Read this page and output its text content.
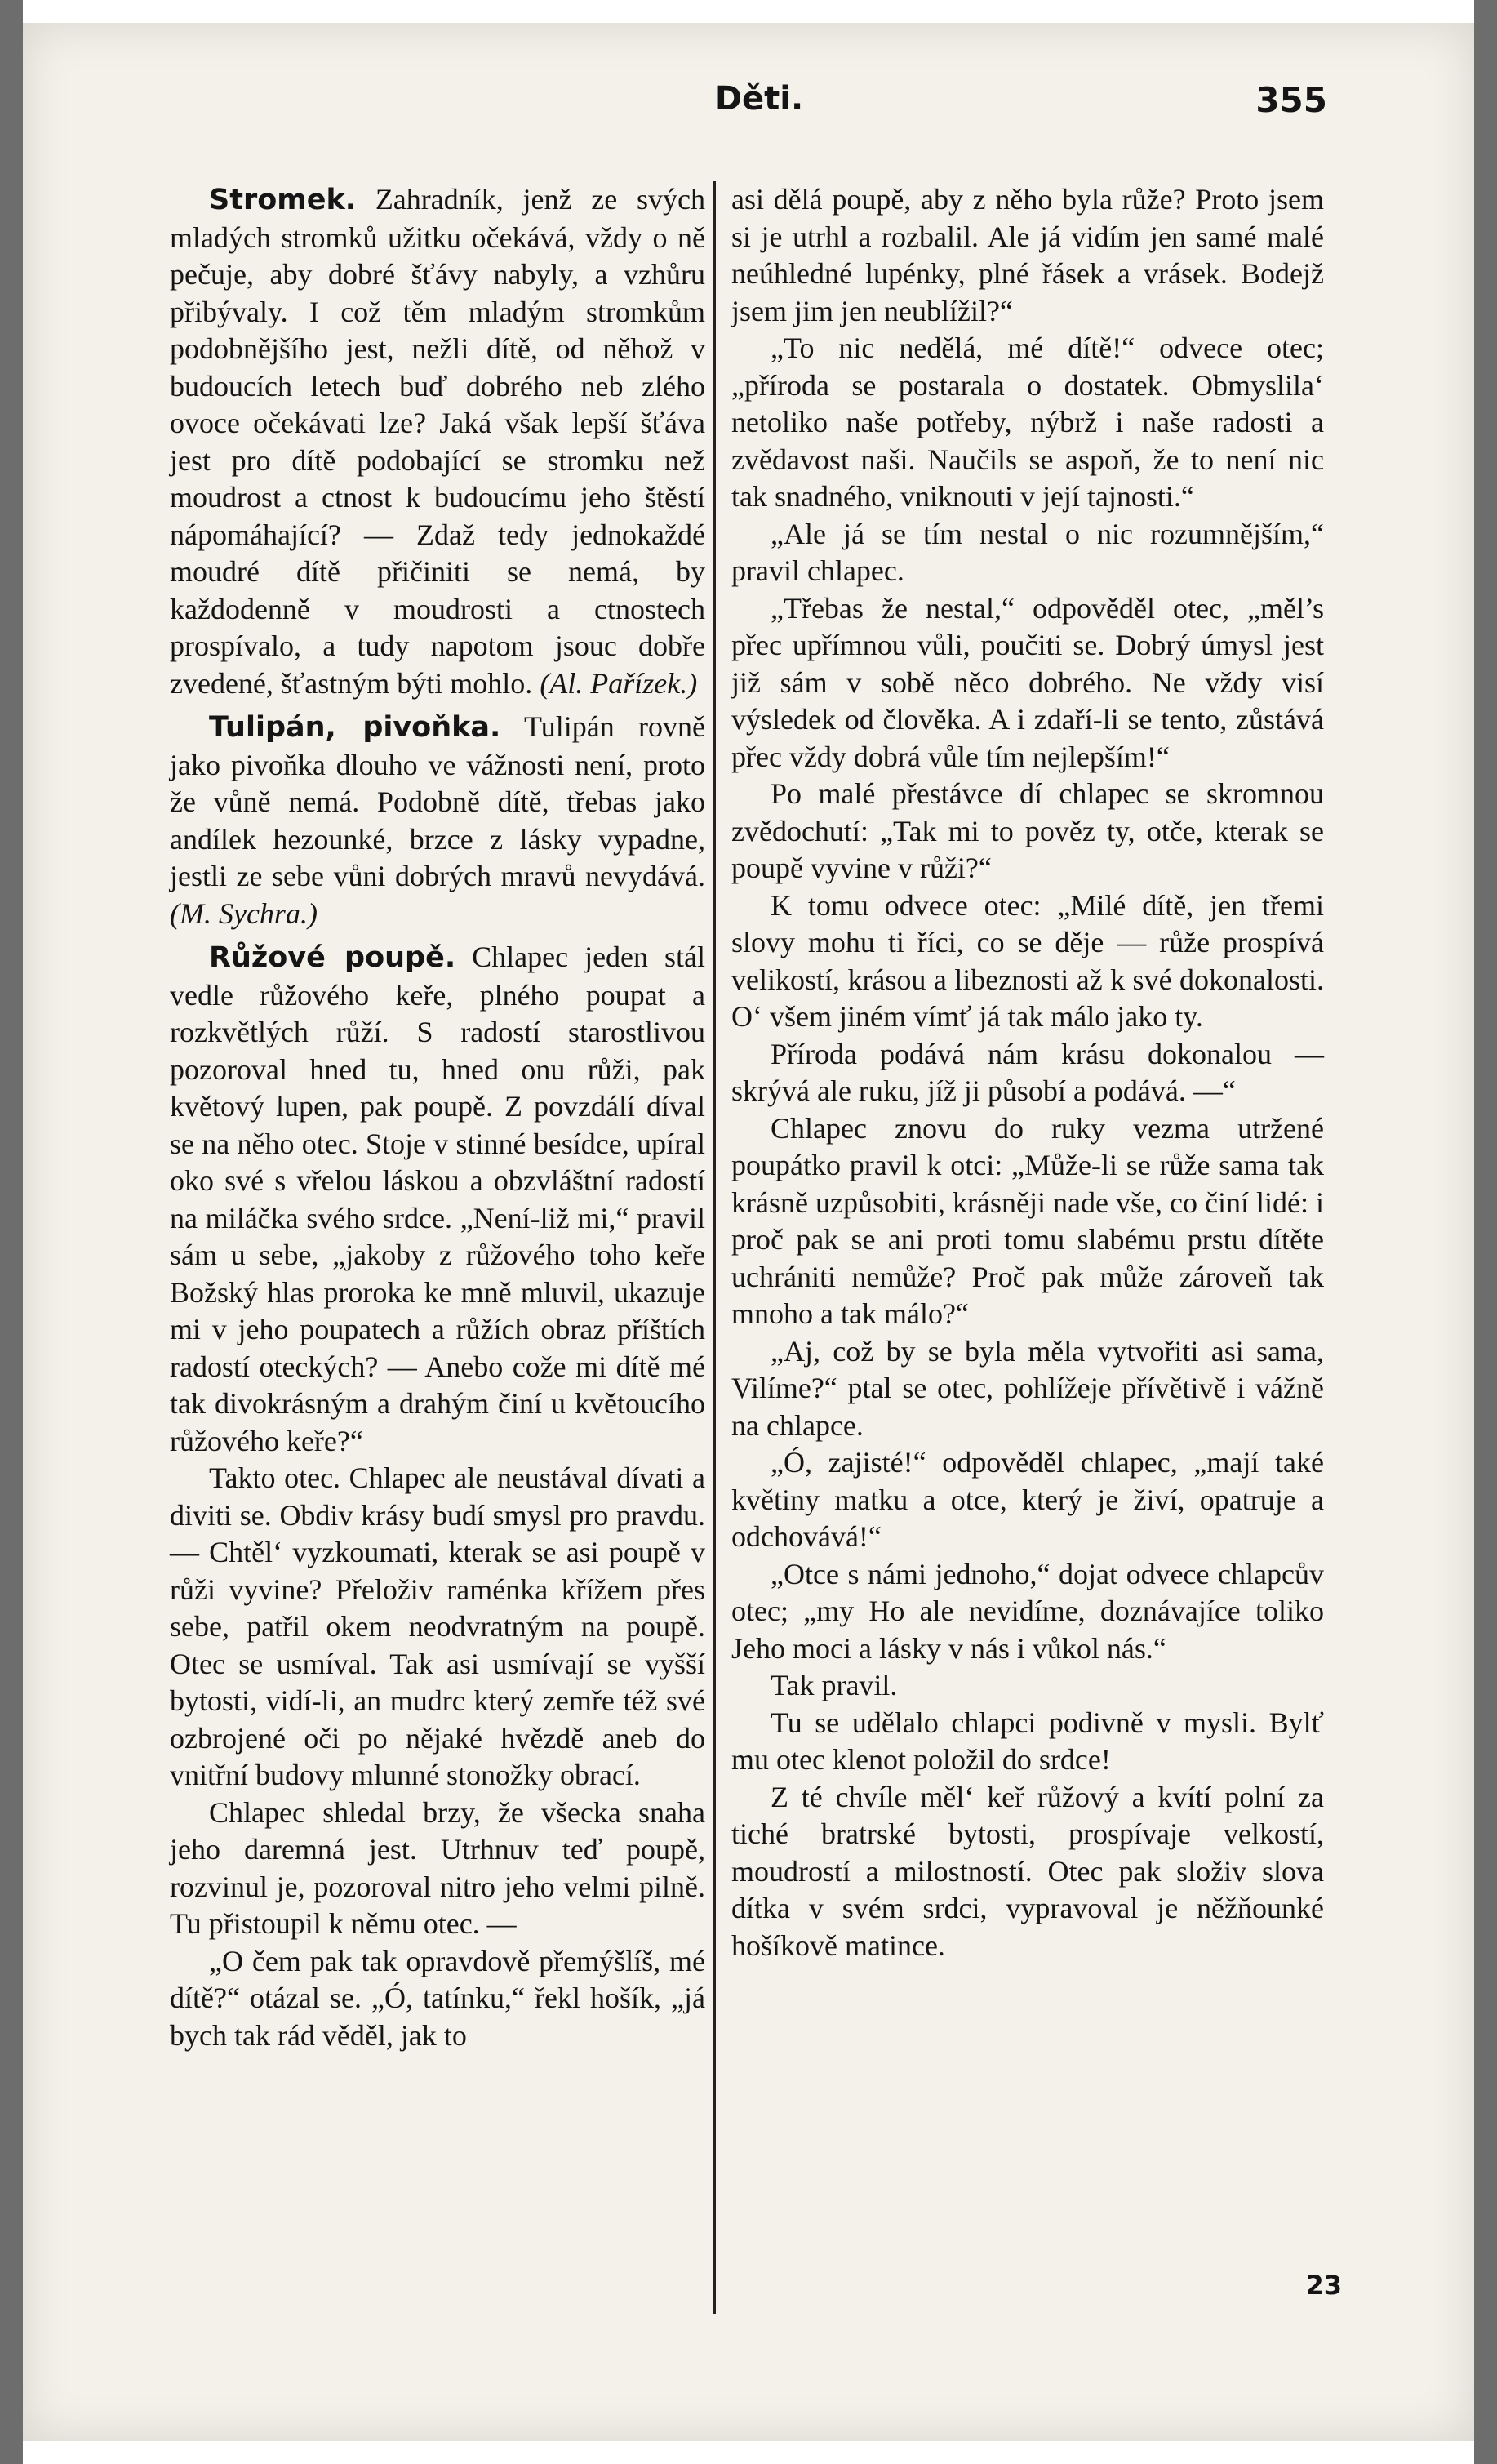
Děti.	355

Stromek. Zahradník, jenž ze svých mladých stromků užitku očekává, vždy o ně pečuje, aby dobré šťávy nabyly, a vzhůru přibývaly. I což těm mladým stromkům podobnějšího jest, nežli dítě, od něhož v budoucích letech buď dobrého neb zlého ovoce očekávati lze? Jaká však lepší šťáva jest pro dítě podobající se stromku než moudrost a ctnost k budoucímu jeho štěstí nápomáhající? — Zdaž tedy jednokaždé moudré dítě přičiniti se nemá, by každodenně v moudrosti a ctnostech prospívalo, a tudy napotom jsouc dobře zvedené, šťastným býti mohlo. (Al. Pařízek.)

Tulipán, pivoňka. Tulipán rovně jako pivoňka dlouho ve vážnosti není, proto že vůně nemá. Podobně dítě, třebas jako andílek hezounké, brzce z lásky vypadne, jestli ze sebe vůni dobrých mravů nevydává. (M. Sychra.)

Růžové poupě. Chlapec jeden stál vedle růžového keře, plného poupat a rozkvětlých růží. S radostí starostlivou pozoroval hned tu, hned onu růži, pak květový lupen, pak poupě. Z povzdálí díval se na něho otec. Stoje v stinné besídce, upíral oko své s vřelou láskou a obzvláštní radostí na miláčka svého srdce. „Není-liž mi,“ pravil sám u sebe, „jakoby z růžového toho keře Božský hlas proroka ke mně mluvil, ukazuje mi v jeho poupatech a růžích obraz příštích radostí oteckých? — Anebo cože mi dítě mé tak divokrásným a drahým činí u květoucího růžového keře?“

Takto otec. Chlapec ale neustával dívati a diviti se. Obdiv krásy budí smysl pro pravdu. — Chtěl‘ vyzkoumati, kterak se asi poupě v růži vyvine? Přeloživ raménka křížem přes sebe, patřil okem neodvratným na poupě. Otec se usmíval. Tak asi usmívají se vyšší bytosti, vidí-li, an mudrc který zemře též své ozbrojené oči po nějaké hvězdě aneb do vnitřní budovy mlunné stonožky obrací.

Chlapec shledal brzy, že všecka snaha jeho daremná jest. Utrhnuv teď poupě, rozvinul je, pozoroval nitro jeho velmi pilně. Tu přistoupil k němu otec. —

„O čem pak tak opravdově přemýšlíš, mé dítě?“ otázal se. „Ó, tatínku,“ řekl hošík, „já bych tak rád věděl, jak to

asi dělá poupě, aby z něho byla růže? Proto jsem si je utrhl a rozbalil. Ale já vidím jen samé malé neúhledné lupénky, plné řásek a vrásek. Bodejž jsem jim jen neublížil?“

„To nic nedělá, mé dítě!“ odvece otec; „příroda se postarala o dostatek. Obmyslila‘ netoliko naše potřeby, nýbrž i naše radosti a zvědavost naši. Naučils se aspoň, že to není nic tak snadného, vniknouti v její tajnosti.“

„Ale já se tím nestal o nic rozumnějším,“ pravil chlapec.

„Třebas že nestal,“ odpověděl otec, „měl’s přec upřímnou vůli, poučiti se. Dobrý úmysl jest již sám v sobě něco dobrého. Ne vždy visí výsledek od člověka. A i zdaří-li se tento, zůstává přec vždy dobrá vůle tím nejlepším!“

Po malé přestávce dí chlapec se skromnou zvědochutí: „Tak mi to pověz ty, otče, kterak se poupě vyvine v růži?“

K tomu odvece otec: „Milé dítě, jen třemi slovy mohu ti říci, co se děje — růže prospívá velikostí, krásou a libeznosti až k své dokonalosti. O‘ všem jiném vímť já tak málo jako ty.

Příroda podává nám krásu dokonalou — skrývá ale ruku, jíž ji působí a podává. —“

Chlapec znovu do ruky vezma utržené poupátko pravil k otci: „Může-li se růže sama tak krásně uzpůsobiti, krásněji nade vše, co činí lidé: i proč pak se ani proti tomu slabému prstu dítěte uchrániti nemůže? Proč pak může zároveň tak mnoho a tak málo?“

„Aj, což by se byla měla vytvořiti asi sama, Vilíme?“ ptal se otec, pohlížeje přívětivě i vážně na chlapce.

„Ó, zajisté!“ odpověděl chlapec, „mají také květiny matku a otce, který je živí, opatruje a odchovává!“

„Otce s námi jednoho,“ dojat odvece chlapcův otec; „my Ho ale nevidíme, doznávajíce toliko Jeho moci a lásky v nás i vůkol nás.“

Tak pravil.

Tu se udělalo chlapci podivně v mysli. Bylť mu otec klenot položil do srdce!

Z té chvíle měl‘ keř růžový a kvítí polní za tiché bratrské bytosti, prospívaje velkostí, moudrostí a milostností. Otec pak složiv slova dítka v svém srdci, vypravoval je něžňounké hošíkově matince.

23
